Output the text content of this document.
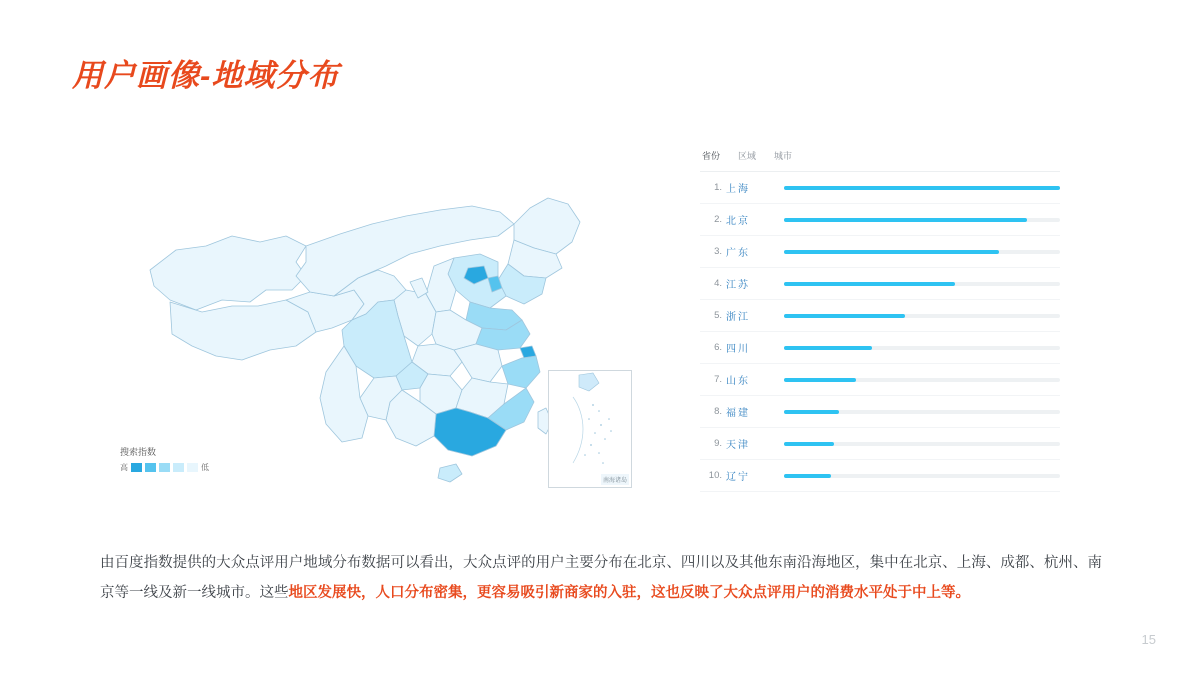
用户画像-地域分布
搜索指数
高	低
南海诸岛
省份 区域 城市
1. 上海
2. 北京
3. 广东
4. 江苏
5. 浙江
6. 四川
7. 山东
8. 福建
9. 天津
10. 辽宁
由百度指数提供的大众点评用户地域分布数据可以看出，大众点评的用户主要分布在北京、四川以及其他东南沿海地区，集中在北京、上海、成都、杭州、南京等一线及新一线城市。这些地区发展快，人口分布密集，更容易吸引新商家的入驻，这也反映了大众点评用户的消费水平处于中上等。
15
